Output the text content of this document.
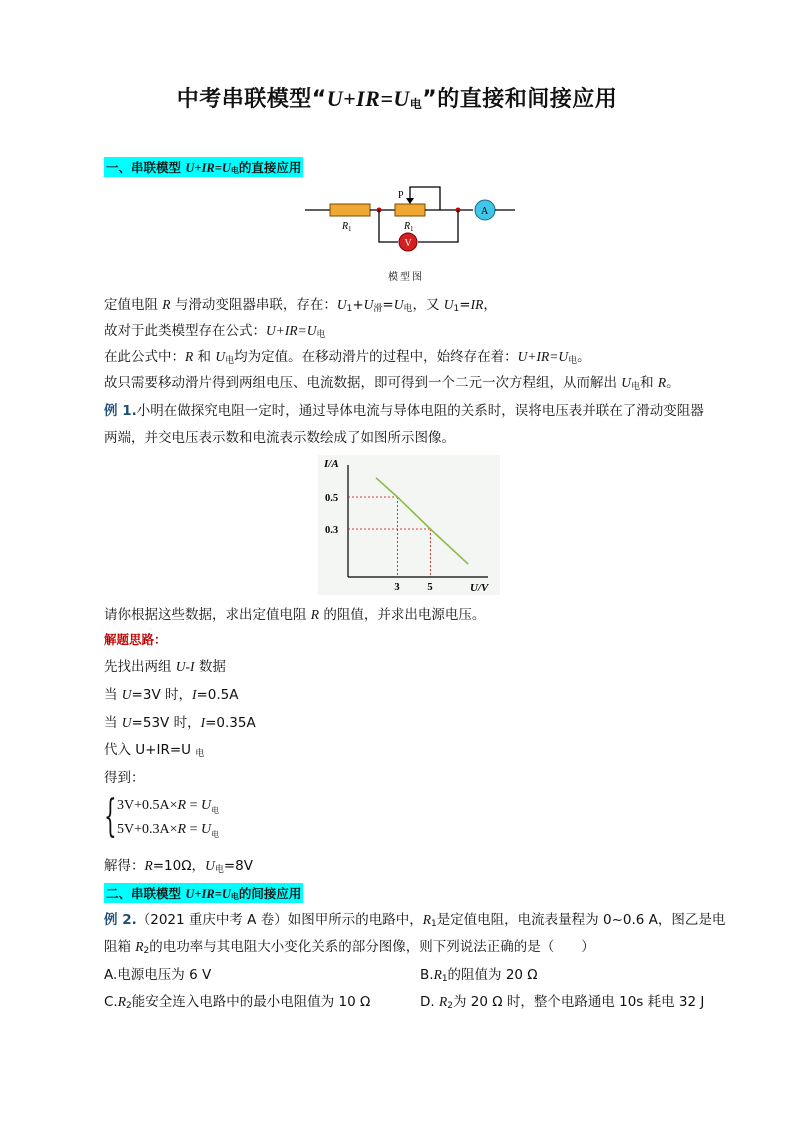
中考串联模型“$U+IR=U_电$”的直接和间接应用
一、串联模型 $U+IR=U_电$的直接应用
P
V
A
R 1	R 1
模型图
定值电阻 R 与滑动变阻器串联，存在：$U_1+U_滑=U_电$，又 $U_1=IR$，
故对于此类模型存在公式：$U+IR=U_电$
在此公式中：R 和 $U_电$均为定值。在移动滑片的过程中，始终存在着：$U+IR=U_电$。
故只需要移动滑片得到两组电压、电流数据，即可得到一个二元一次方程组，从而解出 $U_电$和 R。
例 1.小明在做探究电阻一定时，通过导体电流与导体电阻的关系时，误将电压表并联在了滑动变阻器
两端，并交电压表示数和电流表示数绘成了如图所示图像。
I/A
U/V
3	5
0.5
0.3
请你根据这些数据，求出定值电阻 R 的阻值，并求出电源电压。
解题思路：
先找出两组 U-I 数据
当 U=3V 时，I=0.5A
当 U=53V 时，I=0.35A
代入 U+IR=U $_电$
得到：
{ $3V+0.5A\times R = U_电$
$5V+0.3A\times R = U_电$
解得：R=10Ω，$U_电=8V$
二、串联模型 $U+IR=U_电$的间接应用
例 2.（2021 重庆中考 A 卷）如图甲所示的电路中，$R_1$是定值电阻，电流表量程为 0~0.6 A，图乙是电
阻箱 $R_2$的电功率与其电阻大小变化关系的部分图像，则下列说法正确的是（　　）
A.电源电压为 6 V	$B.R_1$的阻值为 20 Ω
$C.R_2$能安全连入电路中的最小电阻值为 10 Ω	D. $R_2$为 20 Ω 时，整个电路通电 10s 耗电 32 J
